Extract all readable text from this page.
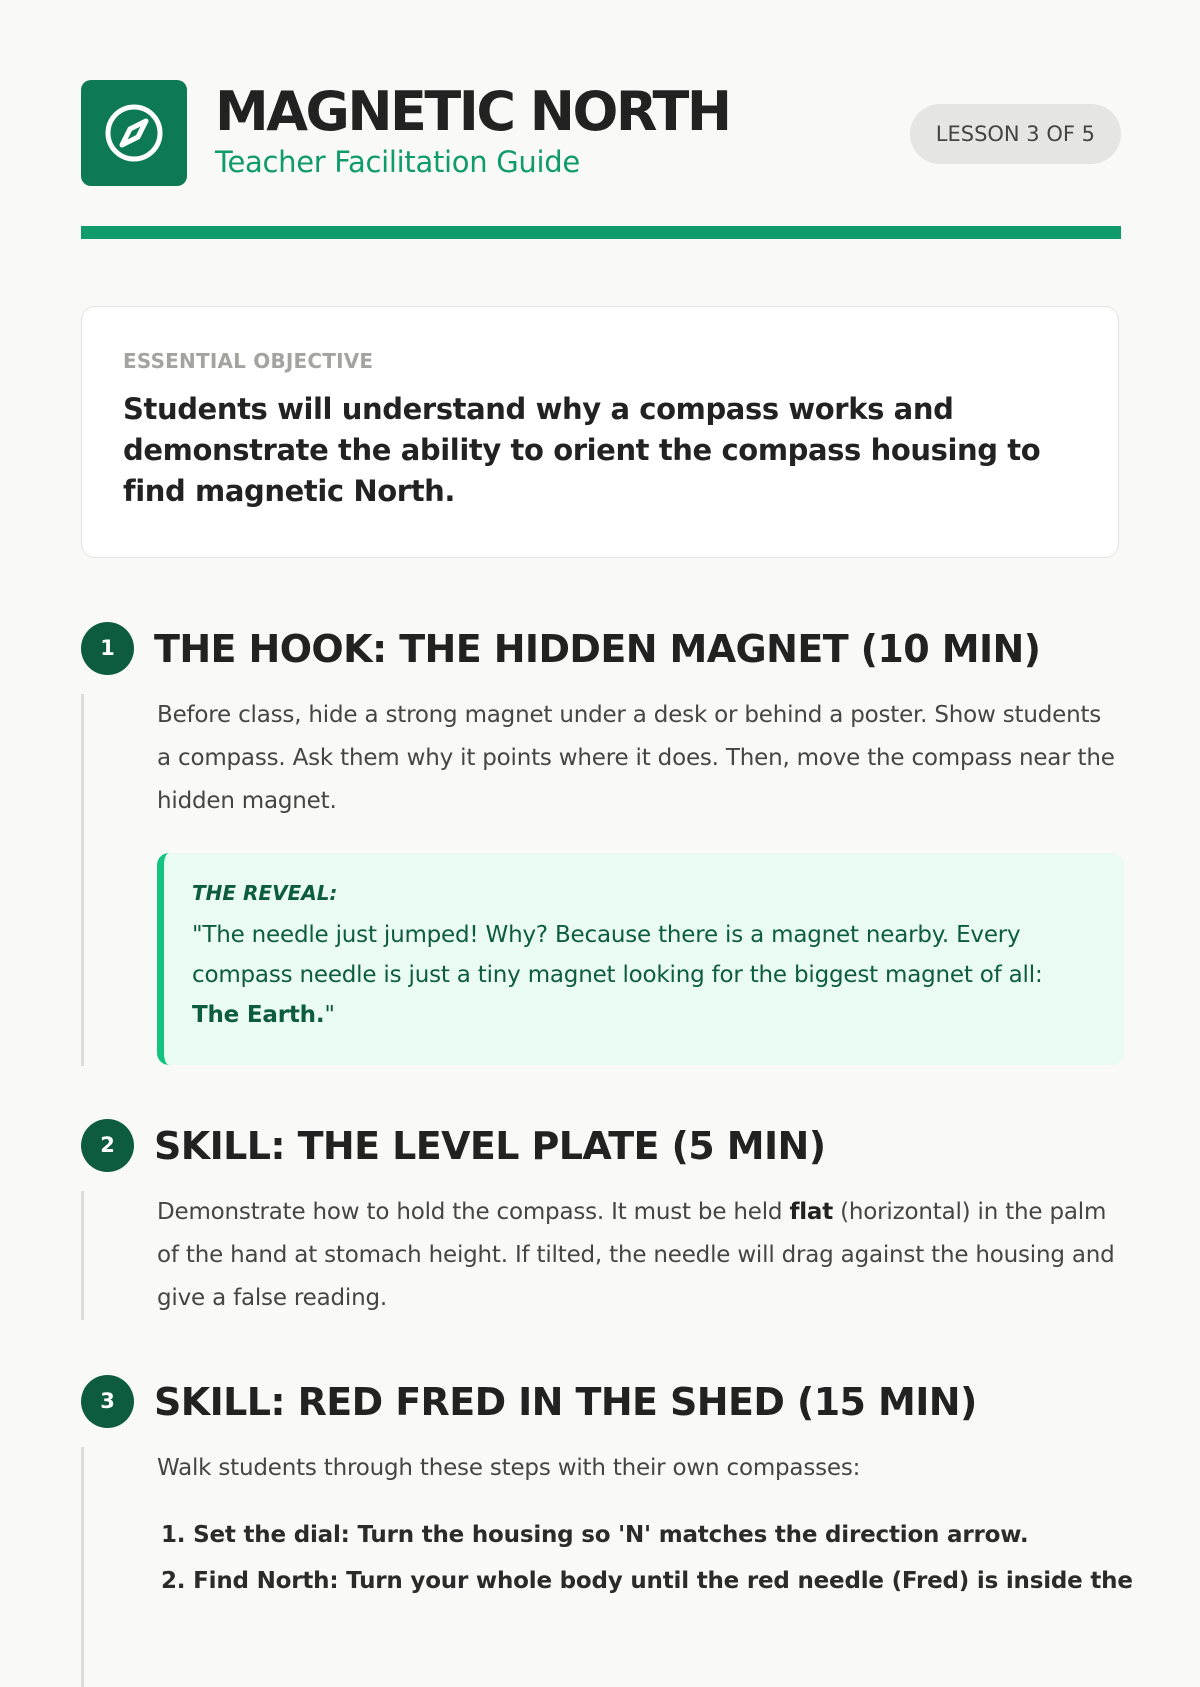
MAGNETIC NORTH
Teacher Facilitation Guide
LESSON 3 OF 5
ESSENTIAL OBJECTIVE
Students will understand why a compass works and demonstrate the ability to orient the compass housing to find magnetic North.
1	THE HOOK: THE HIDDEN MAGNET (10 MIN)
Before class, hide a strong magnet under a desk or behind a poster. Show students a compass. Ask them why it points where it does. Then, move the compass near the hidden magnet.
THE REVEAL:
"The needle just jumped! Why? Because there is a magnet nearby. Every compass needle is just a tiny magnet looking for the biggest magnet of all: The Earth."
2	SKILL: THE LEVEL PLATE (5 MIN)
Demonstrate how to hold the compass. It must be held flat (horizontal) in the palm of the hand at stomach height. If tilted, the needle will drag against the housing and give a false reading.
3	SKILL: RED FRED IN THE SHED (15 MIN)
Walk students through these steps with their own compasses:
1. Set the dial: Turn the housing so 'N' matches the direction arrow.
2. Find North: Turn your whole body until the red needle (Fred) is inside the
